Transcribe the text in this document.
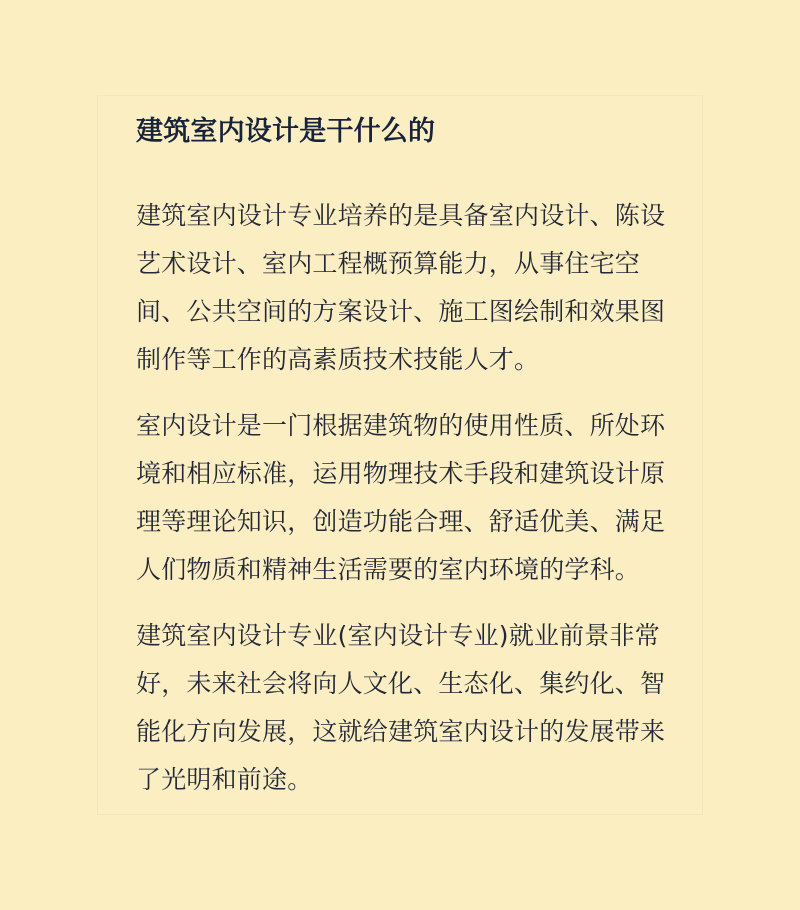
建筑室内设计是干什么的

建筑室内设计专业培养的是具备室内设计、陈设
艺术设计、室内工程概预算能力，从事住宅空
间、公共空间的方案设计、施工图绘制和效果图
制作等工作的高素质技术技能人才。

室内设计是一门根据建筑物的使用性质、所处环
境和相应标准，运用物理技术手段和建筑设计原
理等理论知识，创造功能合理、舒适优美、满足
人们物质和精神生活需要的室内环境的学科。

建筑室内设计专业(室内设计专业)就业前景非常
好，未来社会将向人文化、生态化、集约化、智
能化方向发展，这就给建筑室内设计的发展带来
了光明和前途。
